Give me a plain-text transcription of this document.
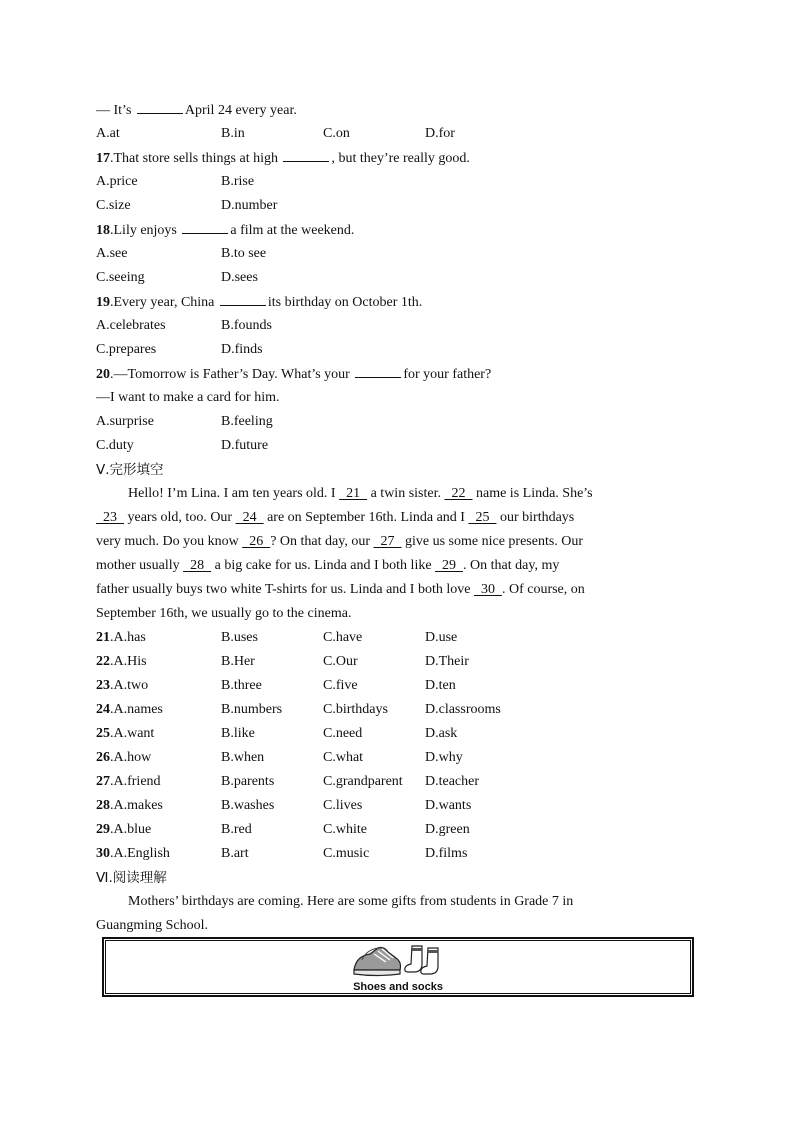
— It’s	April 24 every year.
A.at	B.in	C.on	D.for
17.That store sells things at high	, but they’re really good.
A.price	B.rise
C.size	D.number
18.Lily enjoys	a film at the weekend.
A.see	B.to see
C.seeing	D.sees
19.Every year, China	its birthday on October 1th.
A.celebrates	B.founds
C.prepares	D.finds
20.—Tomorrow is Father’s Day. What’s your	for your father?
—I want to make a card for him.
A.surprise	B.feeling
C.duty	D.future
Ⅴ.完形填空
Hello! I’m Lina. I am ten years old. I   21   a twin sister.   22   name is Linda. She’s
23   years old, too. Our   24   are on September 16th. Linda and I   25   our birthdays
very much. Do you know   26  ? On that day, our   27   give us some nice presents. Our
mother usually   28   a big cake for us. Linda and I both like   29  . On that day, my
father usually buys two white T-shirts for us. Linda and I both love   30  . Of course, on
September 16th, we usually go to the cinema.
21.A.has	B.uses	C.have	D.use
22.A.His	B.Her	C.Our	D.Their
23.A.two	B.three	C.five	D.ten
24.A.names	B.numbers	C.birthdays	D.classrooms
25.A.want	B.like	C.need	D.ask
26.A.how	B.when	C.what	D.why
27.A.friend	B.parents	C.grandparent D.teacher
28.A.makes	B.washes	C.lives	D.wants
29.A.blue	B.red	C.white	D.green
30.A.English	B.art	C.music	D.films
Ⅵ.阅读理解
Mothers’ birthdays are coming. Here are some gifts from students in Grade 7 in
Guangming School.
Shoes and socks
